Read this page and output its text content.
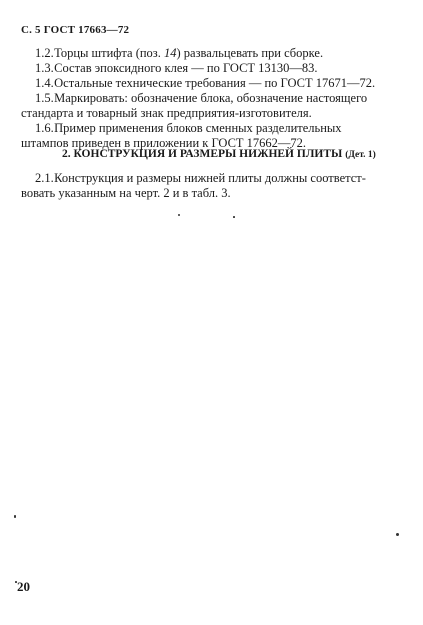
С. 5 ГОСТ 17663—72
1.2. Торцы штифта (поз. 14) развальцевать при сборке.
1.3. Состав эпоксидного клея — по ГОСТ 13130—83.
1.4. Остальные технические требования — по ГОСТ 17671—72.
1.5. Маркировать: обозначение блока, обозначение настоящего
стандарта и товарный знак предприятия-изготовителя.
1.6. Пример применения блоков сменных разделительных
штампов приведен в приложении к ГОСТ 17662—72.
2. КОНСТРУКЦИЯ И РАЗМЕРЫ НИЖНЕЙ ПЛИТЫ (Дет. 1)
2.1. Конструкция и размеры нижней плиты должны соответст-
вовать указанным на черт. 2 и в табл. 3.
20
